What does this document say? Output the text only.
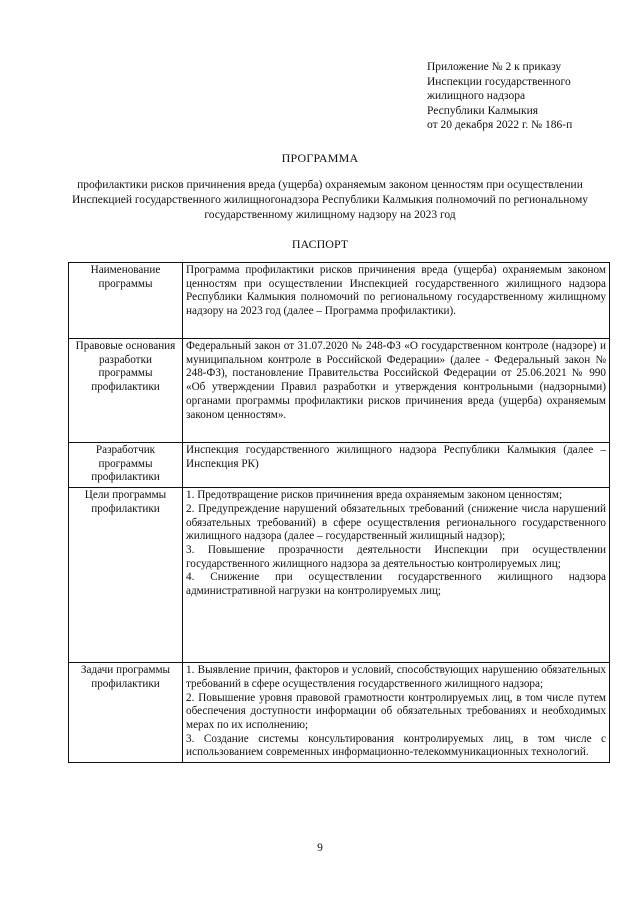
Приложение № 2 к приказу
Инспекции государственного
жилищного надзора
Республики Калмыкия
от 20 декабря 2022 г. № 186-п
ПРОГРАММА
профилактики рисков причинения вреда (ущерба) охраняемым законом ценностям при осуществлении Инспекцией государственного жилищногонадзора Республики Калмыкия полномочий по региональному государственному жилищному надзору на 2023 год
ПАСПОРТ
Наименование программы	Программа профилактики рисков причинения вреда (ущерба) охраняемым законом ценностям при осуществлении Инспекцией государственного жилищного надзора Республики Калмыкия полномочий по региональному государственному жилищному надзору на 2023 год (далее – Программа профилактики).

Правовые основания разработки программы профилактики	Федеральный закон от 31.07.2020 № 248-ФЗ «О государственном контроле (надзоре) и муниципальном контроле в Российской Федерации» (далее - Федеральный закон № 248-ФЗ), постановление Правительства Российской Федерации от 25.06.2021 № 990 «Об утверждении Правил разработки и утверждения контрольными (надзорными) органами программы профилактики рисков причинения вреда (ущерба) охраняемым законом ценностям».

Разработчик программы профилактики	Инспекция государственного жилищного надзора Республики Калмыкия (далее – Инспекция РК)

Цели программы профилактики	1. Предотвращение рисков причинения вреда охраняемым законом ценностям;
2. Предупреждение нарушений обязательных требований (снижение числа нарушений обязательных требований) в сфере осуществления регионального государственного жилищного надзора (далее – государственный жилищный надзор);
3. Повышение прозрачности деятельности Инспекции при осуществлении государственного жилищного надзора за деятельностью контролируемых лиц;
4. Снижение при осуществлении государственного жилищного надзора административной нагрузки на контролируемых лиц;

Задачи программы профилактики	1. Выявление причин, факторов и условий, способствующих нарушению обязательных требований в сфере осуществления государственного жилищного надзора;
2. Повышение уровня правовой грамотности контролируемых лиц, в том числе путем обеспечения доступности информации об обязательных требованиях и необходимых мерах по их исполнению;
3. Создание системы консультирования контролируемых лиц, в том числе с использованием современных информационно-телекоммуникационных технологий.
9
